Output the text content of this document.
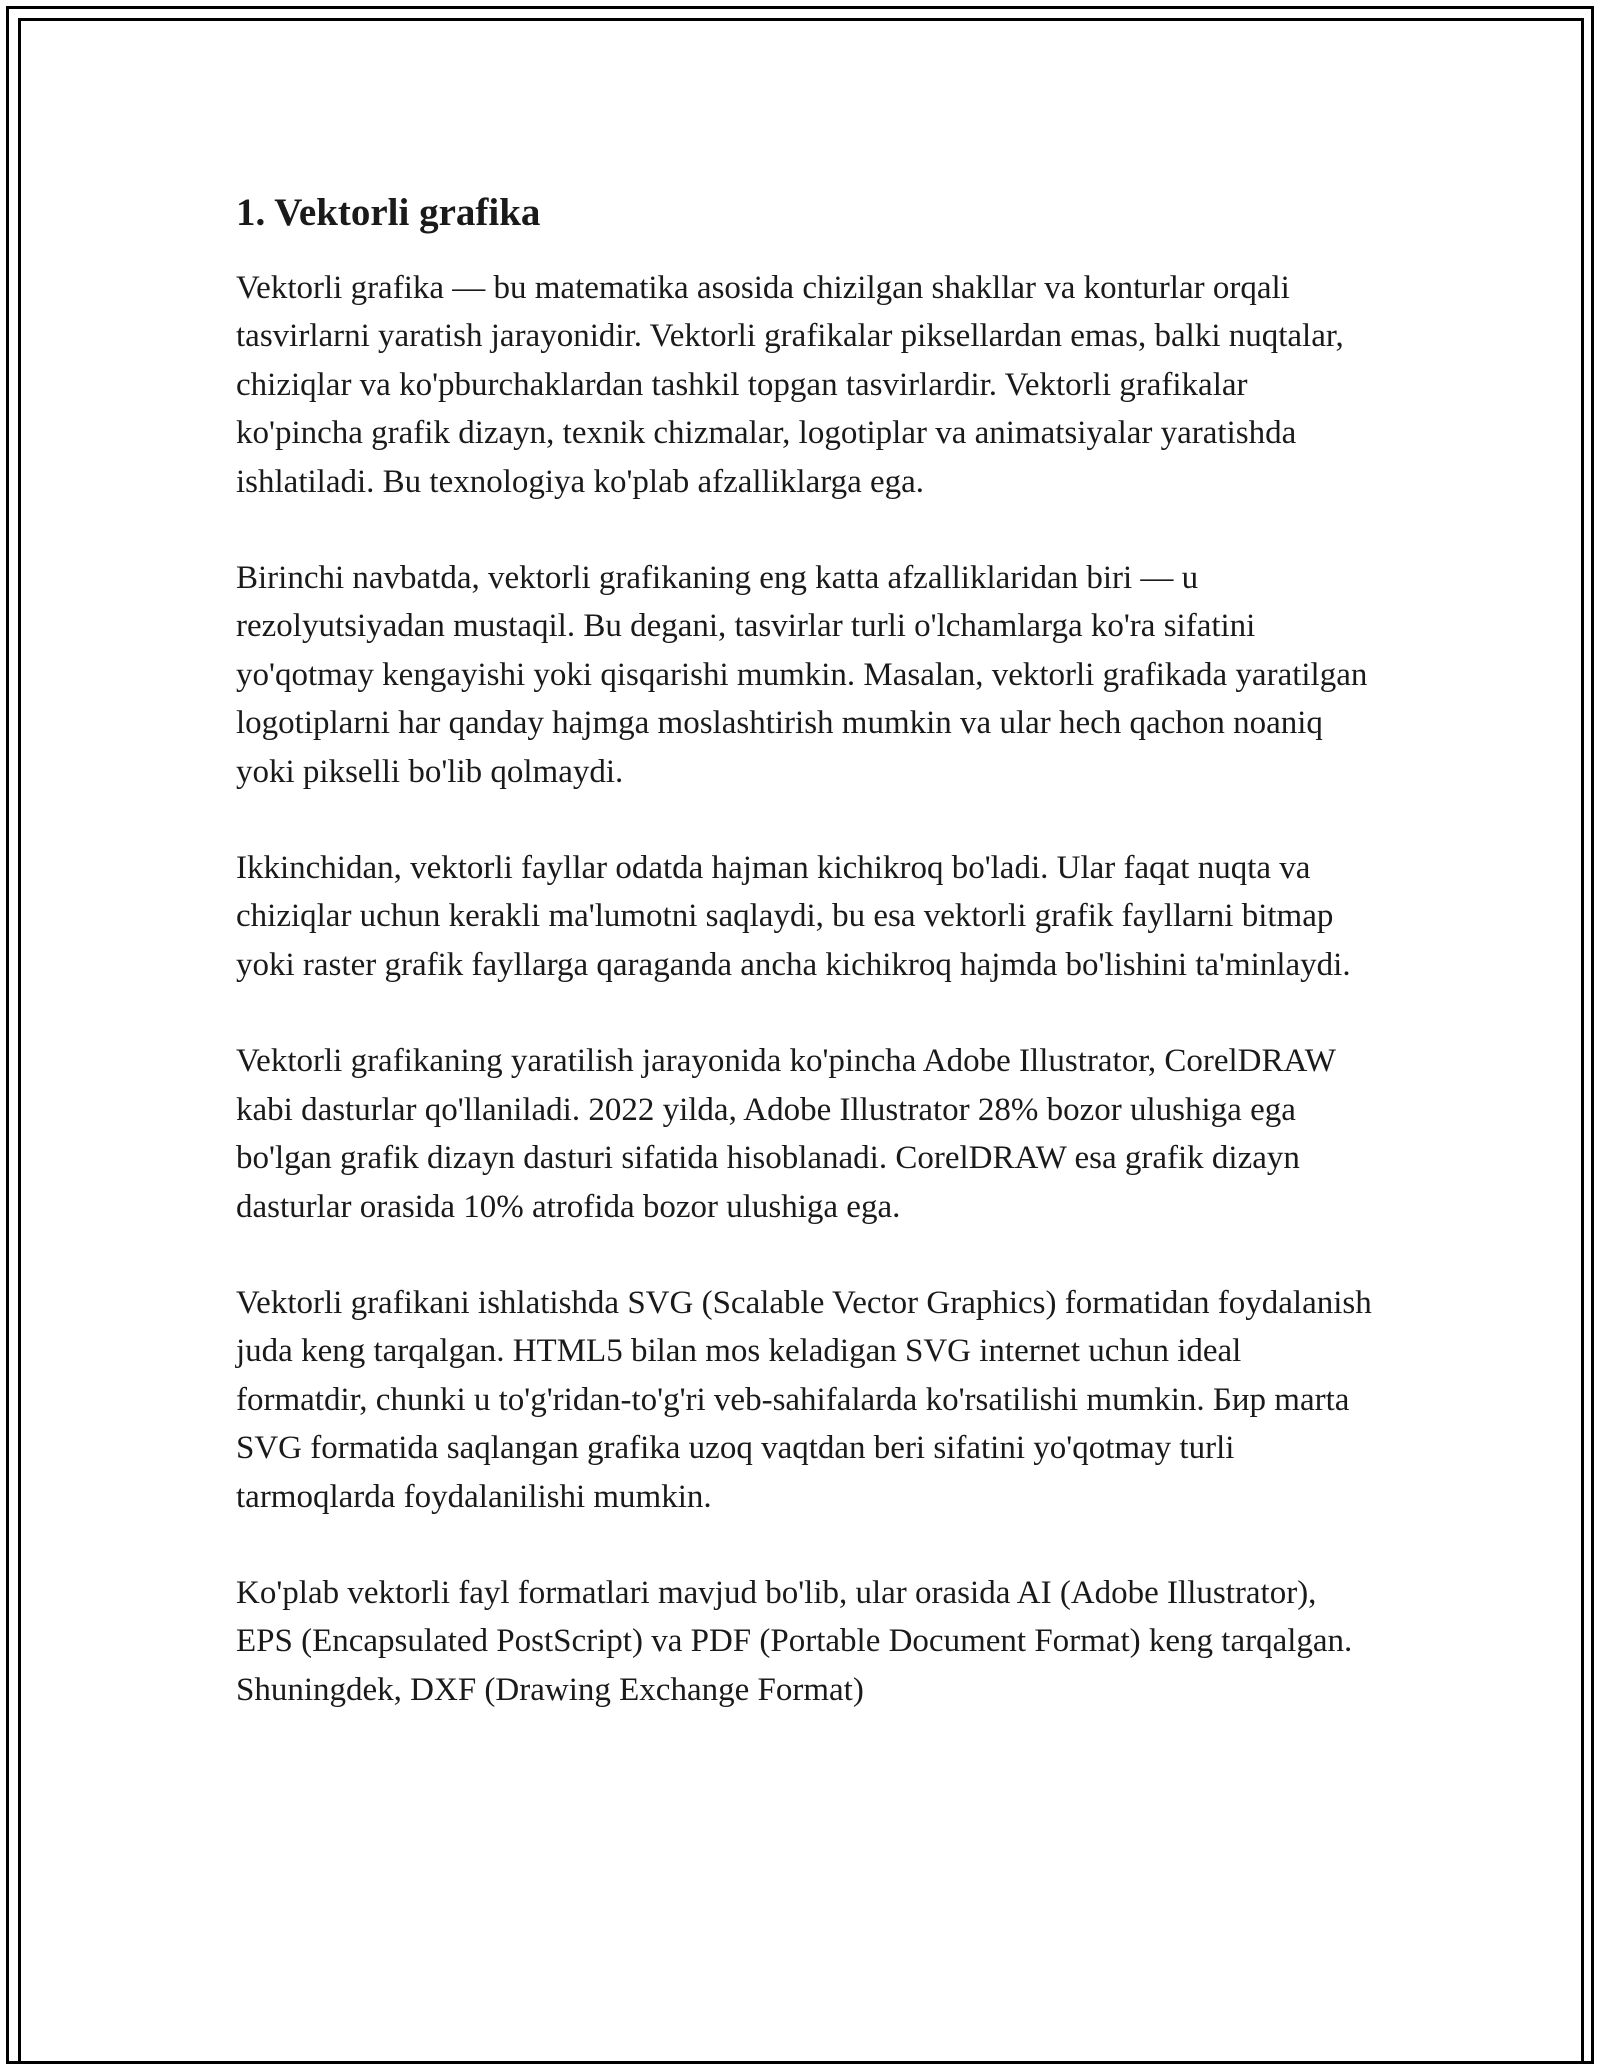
1. Vektorli grafika

Vektorli grafika — bu matematika asosida chizilgan shakllar va konturlar orqali tasvirlarni yaratish jarayonidir. Vektorli grafikalar piksellardan emas, balki nuqtalar, chiziqlar va ko'pburchaklardan tashkil topgan tasvirlardir. Vektorli grafikalar ko'pincha grafik dizayn, texnik chizmalar, logotiplar va animatsiyalar yaratishda ishlatiladi. Bu texnologiya ko'plab afzalliklarga ega.

Birinchi navbatda, vektorli grafikaning eng katta afzalliklaridan biri — u rezolyutsiyadan mustaqil. Bu degani, tasvirlar turli o'lchamlarga ko'ra sifatini yo'qotmay kengayishi yoki qisqarishi mumkin. Masalan, vektorli grafikada yaratilgan logotiplarni har qanday hajmga moslashtirish mumkin va ular hech qachon noaniq yoki pikselli bo'lib qolmaydi.

Ikkinchidan, vektorli fayllar odatda hajman kichikroq bo'ladi. Ular faqat nuqta va chiziqlar uchun kerakli ma'lumotni saqlaydi, bu esa vektorli grafik fayllarni bitmap yoki raster grafik fayllarga qaraganda ancha kichikroq hajmda bo'lishini ta'minlaydi.

Vektorli grafikaning yaratilish jarayonida ko'pincha Adobe Illustrator, CorelDRAW kabi dasturlar qo'llaniladi. 2022 yilda, Adobe Illustrator 28% bozor ulushiga ega bo'lgan grafik dizayn dasturi sifatida hisoblanadi. CorelDRAW esa grafik dizayn dasturlar orasida 10% atrofida bozor ulushiga ega.

Vektorli grafikani ishlatishda SVG (Scalable Vector Graphics) formatidan foydalanish juda keng tarqalgan. HTML5 bilan mos keladigan SVG internet uchun ideal formatdir, chunki u to'g'ridan-to'g'ri veb-sahifalarda ko'rsatilishi mumkin. Бир marta SVG formatida saqlangan grafika uzoq vaqtdan beri sifatini yo'qotmay turli tarmoqlarda foydalanilishi mumkin.

Ko'plab vektorli fayl formatlari mavjud bo'lib, ular orasida AI (Adobe Illustrator), EPS (Encapsulated PostScript) va PDF (Portable Document Format) keng tarqalgan. Shuningdek, DXF (Drawing Exchange Format)
